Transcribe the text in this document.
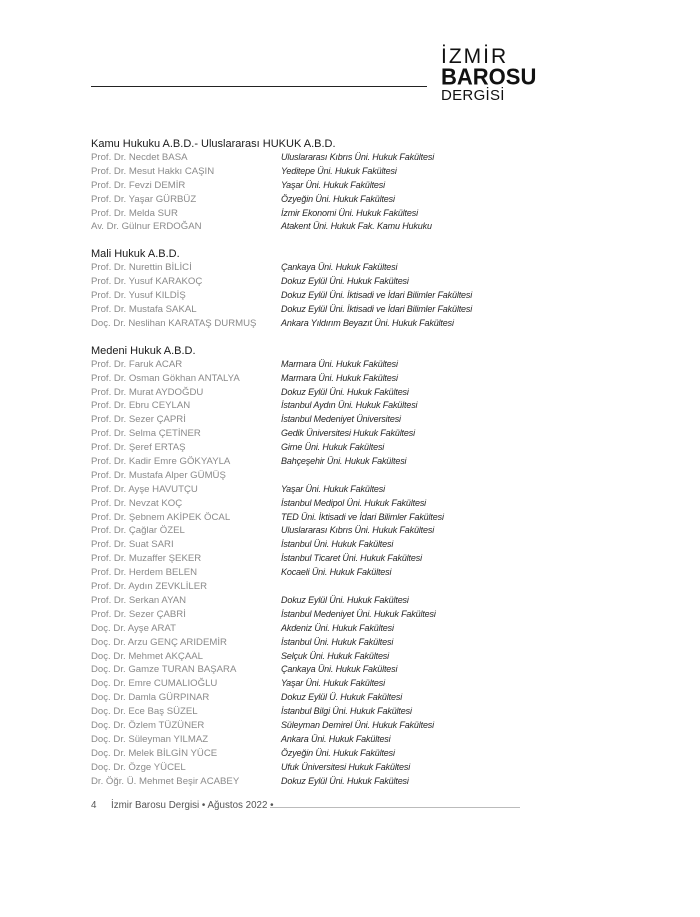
İZMİR
BAROSU
DERGİSİ
Kamu Hukuku A.B.D.- Uluslararası HUKUK A.B.D.
Prof. Dr. Necdet BASA	Uluslararası Kıbrıs Üni. Hukuk Fakültesi
Prof. Dr. Mesut Hakkı CAŞIN	Yeditepe Üni. Hukuk Fakültesi
Prof. Dr. Fevzi DEMİR	Yaşar Üni. Hukuk Fakültesi
Prof. Dr. Yaşar GÜRBÜZ	Özyeğin Üni. Hukuk Fakültesi
Prof. Dr. Melda SUR	İzmir Ekonomi Üni. Hukuk Fakültesi
Av. Dr. Gülnur ERDOĞAN	Atakent Üni. Hukuk Fak. Kamu Hukuku
Mali Hukuk A.B.D.
Prof. Dr. Nurettin BİLİCİ	Çankaya Üni. Hukuk Fakültesi
Prof. Dr. Yusuf KARAKOÇ	Dokuz Eylül Üni. Hukuk Fakültesi
Prof. Dr. Yusuf KILDİŞ	Dokuz Eylül Üni. İktisadi ve İdari Bilimler Fakültesi
Prof. Dr. Mustafa SAKAL	Dokuz Eylül Üni. İktisadi ve İdari Bilimler Fakültesi
Doç. Dr. Neslihan KARATAŞ DURMUŞ	Ankara Yıldırım Beyazıt Üni. Hukuk Fakültesi
Medeni Hukuk A.B.D.
Prof. Dr. Faruk ACAR	Marmara Üni. Hukuk Fakültesi
Prof. Dr. Osman Gökhan ANTALYA	Marmara Üni. Hukuk Fakültesi
Prof. Dr. Murat AYDOĞDU	Dokuz Eylül Üni. Hukuk Fakültesi
Prof. Dr. Ebru CEYLAN	İstanbul Aydın Üni. Hukuk Fakültesi
Prof. Dr. Sezer ÇAPRİ	İstanbul Medeniyet Üniversitesi
Prof. Dr. Selma ÇETİNER	Gedik Üniversitesi Hukuk Fakültesi
Prof. Dr. Şeref ERTAŞ	Girne Üni. Hukuk Fakültesi
Prof. Dr. Kadir Emre GÖKYAYLA	Bahçeşehir Üni. Hukuk Fakültesi
Prof. Dr. Mustafa Alper GÜMÜŞ
Prof. Dr. Ayşe HAVUTÇU	Yaşar Üni. Hukuk Fakültesi
Prof. Dr. Nevzat KOÇ	İstanbul Medipol Üni. Hukuk Fakültesi
Prof. Dr. Şebnem AKİPEK ÖCAL	TED Üni. İktisadi ve İdari Bilimler Fakültesi
Prof. Dr. Çağlar ÖZEL	Uluslararası Kıbrıs Üni. Hukuk Fakültesi
Prof. Dr. Suat SARI	İstanbul Üni. Hukuk Fakültesi
Prof. Dr. Muzaffer ŞEKER	İstanbul Ticaret Üni. Hukuk Fakültesi
Prof. Dr. Herdem BELEN	Kocaeli Üni. Hukuk Fakültesi
Prof. Dr. Aydın ZEVKLİLER
Prof. Dr. Serkan AYAN	Dokuz Eylül Üni. Hukuk Fakültesi
Prof. Dr. Sezer ÇABRİ	İstanbul Medeniyet Üni. Hukuk Fakültesi
Doç. Dr. Ayşe ARAT	Akdeniz Üni. Hukuk Fakültesi
Doç. Dr. Arzu GENÇ ARIDEMİR	İstanbul Üni. Hukuk Fakültesi
Doç. Dr. Mehmet AKÇAAL	Selçuk Üni. Hukuk Fakültesi
Doç. Dr. Gamze TURAN BAŞARA	Çankaya Üni. Hukuk Fakültesi
Doç. Dr. Emre CUMALIOĞLU	Yaşar Üni. Hukuk Fakültesi
Doç. Dr. Damla GÜRPINAR	Dokuz Eylül Ü. Hukuk Fakültesi
Doç. Dr. Ece Baş SÜZEL	İstanbul Bilgi Üni. Hukuk Fakültesi
Doç. Dr. Özlem TÜZÜNER	Süleyman Demirel Üni. Hukuk Fakültesi
Doç. Dr. Süleyman YILMAZ	Ankara Üni. Hukuk Fakültesi
Doç. Dr. Melek BİLGİN YÜCE	Özyeğin Üni. Hukuk Fakültesi
Doç. Dr. Özge YÜCEL	Ufuk Üniversitesi Hukuk Fakültesi
Dr. Öğr. Ü. Mehmet Beşir ACABEY	Dokuz Eylül Üni. Hukuk Fakültesi
4 İzmir Barosu Dergisi • Ağustos 2022 •
